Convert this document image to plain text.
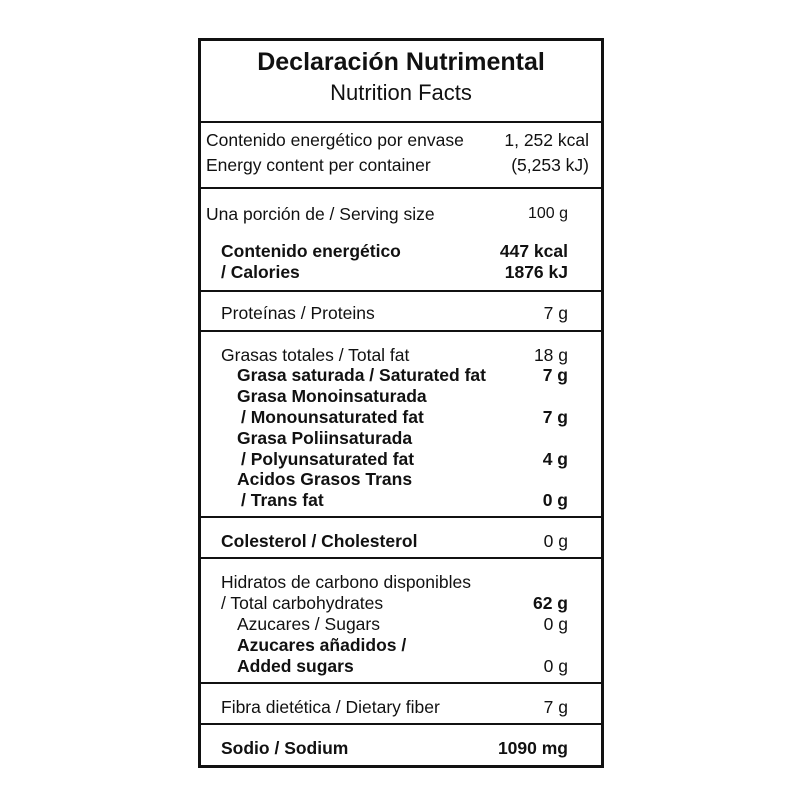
Declaración Nutrimental
Nutrition Facts
Contenido energético por envase 1, 252 kcal
Energy content per container	(5,253 kJ)
Una porción de / Serving size	100 g
Contenido energético	447 kcal
/ Calories	1876 kJ
Proteínas / Proteins	7 g
Grasas totales / Total fat	18 g
Grasa saturada / Saturated fat	7 g
Grasa Monoinsaturada
/ Monounsaturated fat	7 g
Grasa Poliinsaturada
/ Polyunsaturated fat	4 g
Acidos Grasos Trans
/ Trans fat	0 g
Colesterol / Cholesterol	0 g
Hidratos de carbono disponibles
/ Total carbohydrates	62 g
Azucares / Sugars	0 g
Azucares añadidos /
Added sugars	0 g
Fibra dietética / Dietary fiber	7 g
Sodio / Sodium	1090 mg
